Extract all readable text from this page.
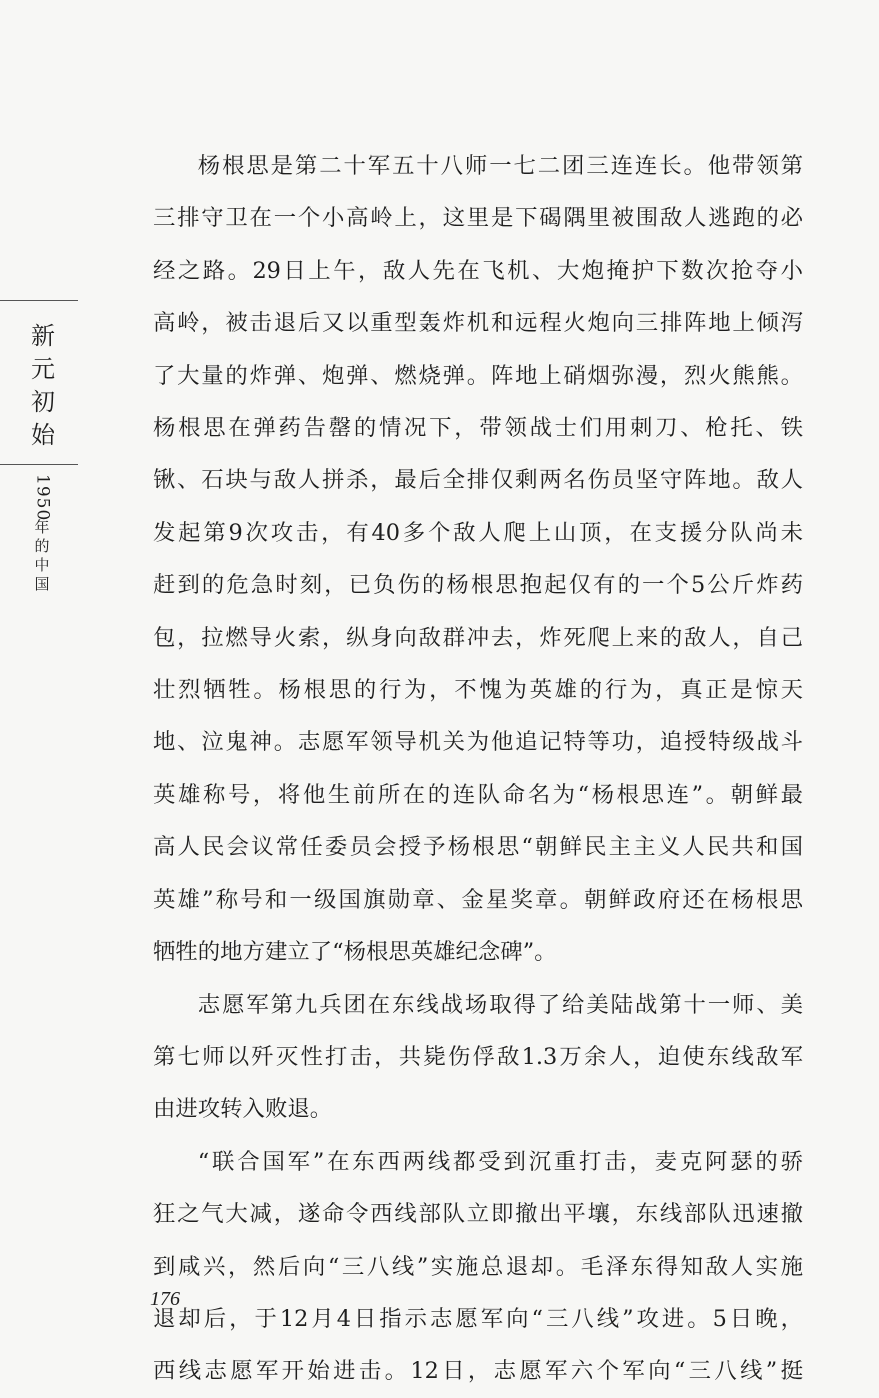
新
元
初
始
1950
年
的
中
国

杨根思是第二十军五十八师一七二团三连连长。他带领第

三排守卫在一个小高岭上，这里是下碣隅里被围敌人逃跑的必

经之路。29日上午，敌人先在飞机、大炮掩护下数次抢夺小

高岭，被击退后又以重型轰炸机和远程火炮向三排阵地上倾泻

了大量的炸弹、炮弹、燃烧弹。阵地上硝烟弥漫，烈火熊熊。

杨根思在弹药告罄的情况下，带领战士们用刺刀、枪托、铁

锹、石块与敌人拼杀，最后全排仅剩两名伤员坚守阵地。敌人

发起第9次攻击，有40多个敌人爬上山顶，在支援分队尚未

赶到的危急时刻，已负伤的杨根思抱起仅有的一个5公斤炸药

包，拉燃导火索，纵身向敌群冲去，炸死爬上来的敌人，自己

壮烈牺牲。杨根思的行为，不愧为英雄的行为，真正是惊天

地、泣鬼神。志愿军领导机关为他追记特等功，追授特级战斗

英雄称号，将他生前所在的连队命名为“杨根思连”。朝鲜最

高人民会议常任委员会授予杨根思“朝鲜民主主义人民共和国

英雄”称号和一级国旗勋章、金星奖章。朝鲜政府还在杨根思

牺牲的地方建立了“杨根思英雄纪念碑”。

志愿军第九兵团在东线战场取得了给美陆战第十一师、美

第七师以歼灭性打击，共毙伤俘敌1.3万余人，迫使东线敌军

由进攻转入败退。

“联合国军”在东西两线都受到沉重打击，麦克阿瑟的骄

狂之气大减，遂命令西线部队立即撤出平壤，东线部队迅速撤

到咸兴，然后向“三八线”实施总退却。毛泽东得知敌人实施

退却后，于12月4日指示志愿军向“三八线”攻进。5日晚，

西线志愿军开始进击。12日，志愿军六个军向“三八线”挺

176
